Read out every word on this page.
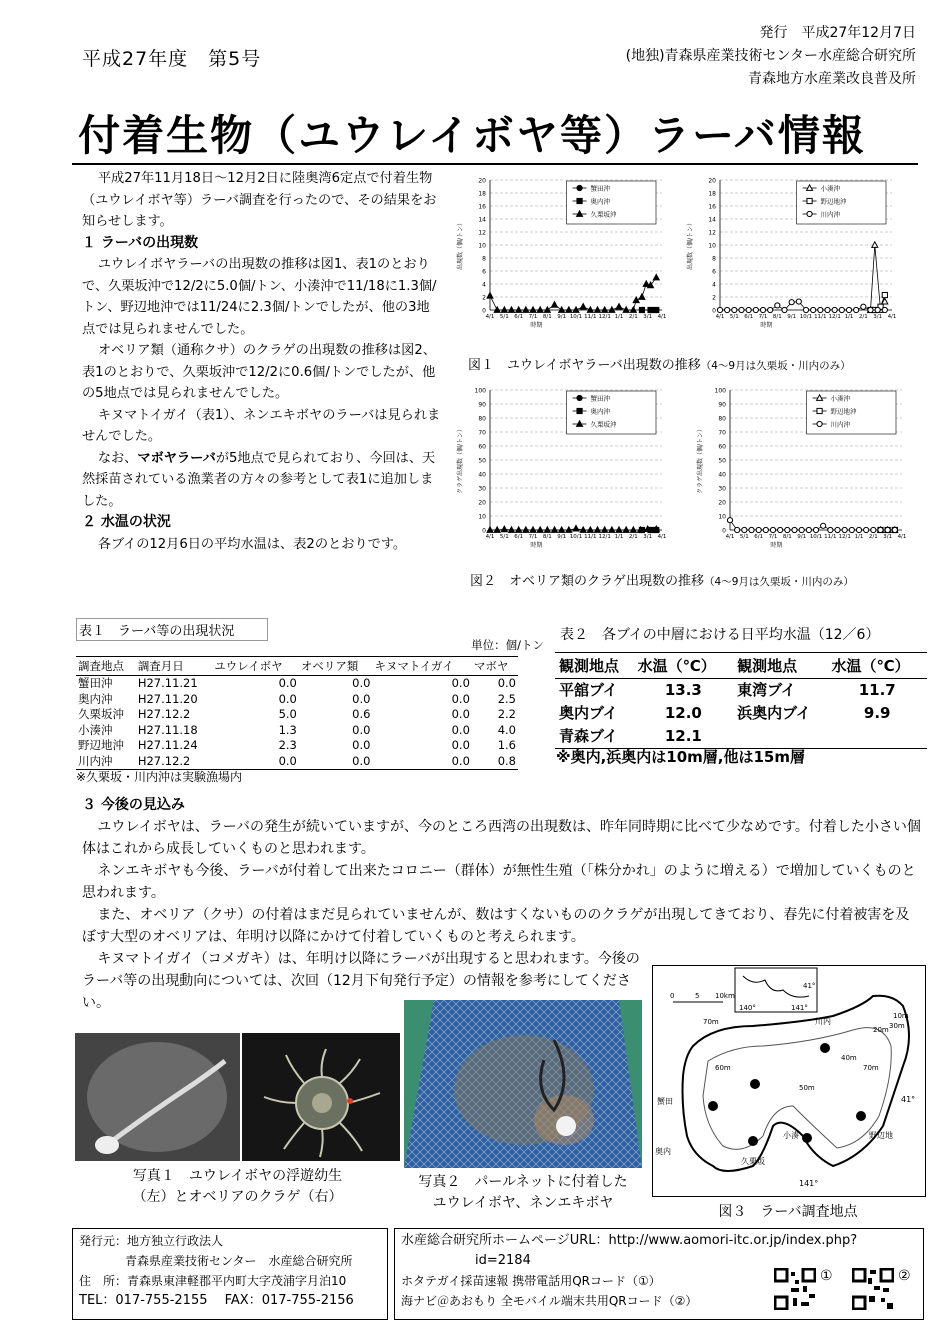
平成27年度　第5号
発行　平成27年12月7日
(地独)青森県産業技術センター水産総合研究所
青森地方水産業改良普及所
付着生物（ユウレイボヤ等）ラーバ情報

平成27年11月18日～12月2日に陸奥湾6定点で付着生物（ユウレイボヤ等）ラーバ調査を行ったので、その結果をお知らせします。

１ ラーバの出現数

ユウレイボヤラーバの出現数の推移は図1、表1のとおりで、久栗坂沖で12/2に5.0個/トン、小湊沖で11/18に1.3個/トン、野辺地沖では11/24に2.3個/トンでしたが、他の3地点では見られませんでした。

オベリア類（通称クサ）のクラゲの出現数の推移は図2、表1のとおりで、久栗坂沖で12/2に0.6個/トンでしたが、他の5地点では見られませんでした。

キヌマトイガイ（表1）、ネンエキボヤのラーバは見られませんでした。

なお、マボヤラーバが5地点で見られており、今回は、天然採苗されている漁業者の方々の参考として表1に追加しました。

２ 水温の状況

各ブイの12月6日の平均水温は、表2のとおりです。

0
2
4
6
8
10
12
14
16
18
20
4/1 5/1 6/1 7/1 8/1 9/1 10/1 11/1 12/1 1/1 2/1 3/1 4/1
時期
出現数（個/トン）
蟹田沖
奥内沖
久栗坂沖
0
2
4
6
8
10
12
14
16
18
20
4/1 5/1 6/1 7/1 8/1 9/1 10/1 11/1 12/1 1/1 2/1 3/1 4/1
時期
出現数（個/トン）
小湊沖
野辺地沖
川内沖
図１　ユウレイボヤラーバ出現数の推移（4～9月は久栗坂・川内のみ）
0
10
20
30
40
50
60
70
80
90
100
4/1 5/1 6/1 7/1 8/1 9/1 10/1 11/1 12/1 1/1 2/1 3/1 4/1
時期
クラゲ出現数（個/トン）
蟹田沖
奥内沖
久栗坂沖
0
10
20
30
40
50
60
70
80
90
100
4/1 5/1 6/1 7/1 8/1 9/1 10/1 11/1 12/1 1/1 2/1 3/1 4/1
時期
クラゲ出現数（個/トン）
小湊沖
野辺地沖
川内沖
図２　オベリア類のクラゲ出現数の推移（4～9月は久栗坂・川内のみ）
表１　ラーバ等の出現状況
単位：個/トン
調査地点	調査月日	ユウレイボヤ	オベリア類	キヌマトイガイ	マボヤ
蟹田沖	H27.11.21	0.0	0.0	0.0	0.0
奥内沖	H27.11.20	0.0	0.0	0.0	2.5
久栗坂沖	H27.12.2	5.0	0.6	0.0	2.2
小湊沖	H27.11.18	1.3	0.0	0.0	4.0
野辺地沖	H27.11.24	2.3	0.0	0.0	1.6
川内沖	H27.12.2	0.0	0.0	0.0	0.8
※久栗坂・川内沖は実験漁場内
表２　各ブイの中層における日平均水温（12／6）
観測地点	水温（℃）	観測地点	水温（℃）
平舘ブイ	13.3	東湾ブイ	11.7
奥内ブイ	12.0	浜奥内ブイ	9.9
青森ブイ	12.1		
※奥内,浜奥内は10m層,他は15m層
３ 今後の見込み

ユウレイボヤは、ラーバの発生が続いていますが、今のところ西湾の出現数は、昨年同時期に比べて少なめです。付着した小さい個体はこれから成長していくものと思われます。

ネンエキボヤも今後、ラーバが付着して出来たコロニー（群体）が無性生殖（「株分かれ」のように増える）で増加していくものと思われます。

また、オベリア（クサ）の付着はまだ見られていませんが、数はすくないもののクラゲが出現してきており、春先に付着被害を及ぼす大型のオベリアは、年明け以降にかけて付着していくものと考えられます。

キヌマトイガイ（コメガキ）は、年明け以降にラーバが出現すると思われます。今後のラーバ等の出現動向については、次回（12月下旬発行予定）の情報を参考にしてください。

写真１　ユウレイボヤの浮遊幼生
（左）とオベリアのクラゲ（右）
写真２　パールネットに付着した
ユウレイボヤ、ネンエキボヤ
41°
140°	141°
0	5 10km
蟹田
奥内
久栗坂
小湊	野辺地
川内
41°
141°
40m
50m
60m
30m
20m
10m
70m
70m
図３　ラーバ調査地点
発行元：地方独立行政法人
青森県産業技術センター　水産総合研究所
住　所：青森県東津軽郡平内町大字茂浦字月泊10
TEL：017-755-2155　 FAX：017-755-2156
水産総合研究所ホームページURL：http://www.aomori-itc.or.jp/index.php?
id=2184
ホタテガイ採苗速報 携帯電話用QRコード（①）
海ナビ＠あおもり 全モバイル端末共用QRコード（②）
①	②
